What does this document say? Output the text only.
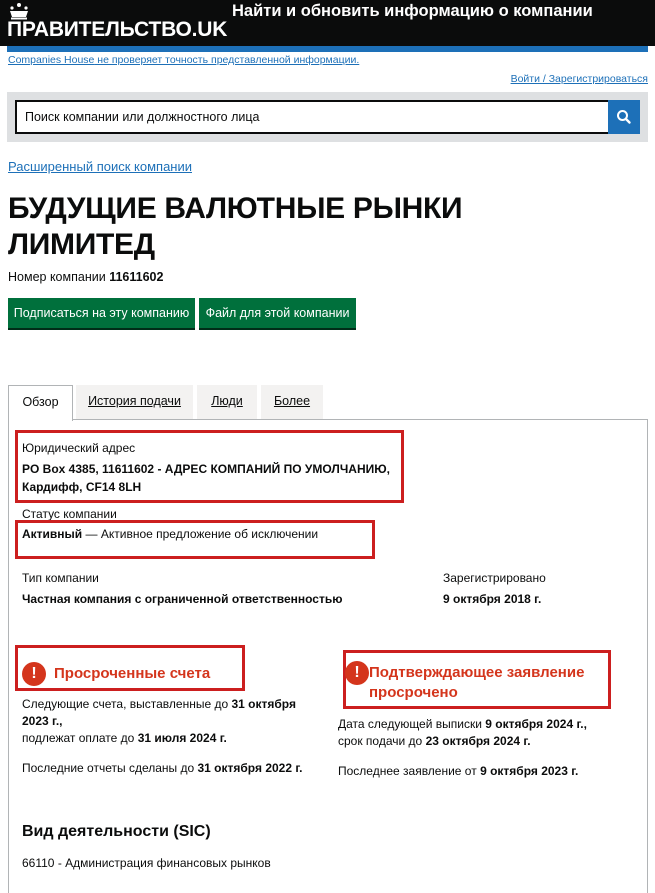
ПРАВИТЕЛЬСТВО.UK
Найти и обновить информацию о компании
Companies House не проверяет точность представленной информации.
Войти / Зарегистрироваться
Поиск компании или должностного лица
Расширенный поиск компании
БУДУЩИЕ ВАЛЮТНЫЕ РЫНКИ ЛИМИТЕД
Номер компании 11611602
Подписаться на эту компанию	Файл для этой компании
Обзор	История подачи	Люди	Более
Юридический адрес
PO Box 4385, 11611602 - АДРЕС КОМПАНИЙ ПО УМОЛЧАНИЮ,
Кардифф, CF14 8LH
Статус компании
Активный — Активное предложение об исключении
Тип компании
Частная компания с ограниченной ответственностью
Зарегистрировано
9 октября 2018 г.
!	Просроченные счета
Следующие счета, выставленные до 31 октября
2023 г.,
подлежат оплате до 31 июля 2024 г.
Последние отчеты сделаны до 31 октября 2022 г.
! Подтверждающее заявление
просрочено
Дата следующей выписки 9 октября 2024 г.,
срок подачи до 23 октября 2024 г.
Последнее заявление от 9 октября 2023 г.
Вид деятельности (SIC)
66110 - Администрация финансовых рынков
